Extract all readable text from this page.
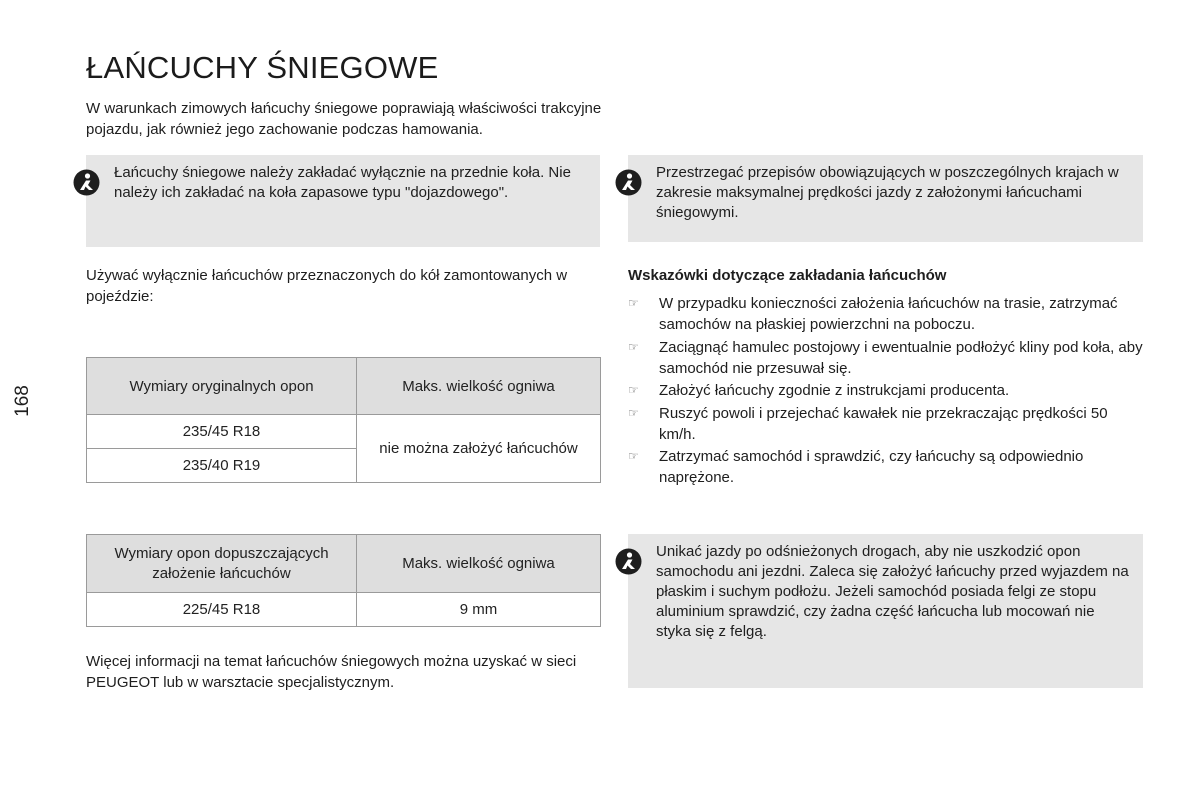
168
ŁAŃCUCHY ŚNIEGOWE
W warunkach zimowych łańcuchy śniegowe poprawiają właściwości trakcyjne pojazdu, jak również jego zachowanie podczas hamowania.
Łańcuchy śniegowe należy zakładać wyłącznie na przednie koła. Nie należy ich zakładać na koła zapasowe typu "dojazdowego".
Przestrzegać przepisów obowiązujących w poszczególnych krajach w zakresie maksymalnej prędkości jazdy z założonymi łańcuchami śniegowymi.
Używać wyłącznie łańcuchów przeznaczonych do kół zamontowanych w pojeździe:
Wymiary oryginalnych opon	Maks. wielkość ogniwa
235/45 R18	nie można założyć łańcuchów
235/40 R19	
Wymiary opon dopuszczających założenie łańcuchów	Maks. wielkość ogniwa
225/45 R18	9 mm
Więcej informacji na temat łańcuchów śniegowych można uzyskać w sieci PEUGEOT lub w warsztacie specjalistycznym.
Wskazówki dotyczące zakładania łańcuchów
☞ W przypadku konieczności założenia łańcuchów na trasie, zatrzymać samochów na płaskiej powierzchni na poboczu.
☞ Zaciągnąć hamulec postojowy i ewentualnie podłożyć kliny pod koła, aby samochód nie przesuwał się.
☞ Założyć łańcuchy zgodnie z instrukcjami producenta.
☞ Ruszyć powoli i przejechać kawałek nie przekraczając prędkości 50 km/h.
☞ Zatrzymać samochód i sprawdzić, czy łańcuchy są odpowiednio naprężone.
Unikać jazdy po odśnieżonych drogach, aby nie uszkodzić opon samochodu ani jezdni. Zaleca się założyć łańcuchy przed wyjazdem na płaskim i suchym podłożu. Jeżeli samochód posiada felgi ze stopu aluminium sprawdzić, czy żadna część łańcucha lub mocowań nie styka się z felgą.
